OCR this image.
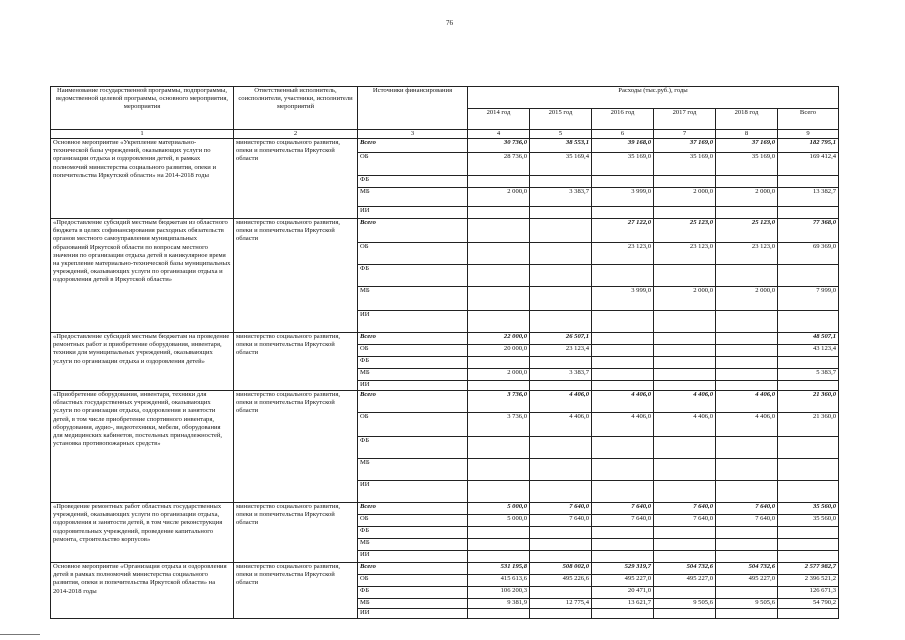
76
Наименование государственной программы, подпрограммы, ведомственной целевой программы, основного мероприятия, мероприятия	Ответственный исполнитель, соисполнители, участники, исполнители мероприятий	Источники финансирования	Расходы (тыс.руб.), годы					
			2014 год	2015 год	2016 год	2017 год	2018 год	Всего
1	2	3	4	5	6	7	8	9
Основное мероприятие «Укрепление материально-технической базы учреждений, оказывающих услуги по организации отдыха и оздоровления детей, в рамках полномочий министерства социального развития, опеки и попечительства Иркутской области» на 2014-2018 годы	министерство социального развития, опеки и попечительства Иркутской области	Всего	30 736,0	38 553,1	39 168,0	37 169,0	37 169,0	182 795,1
		ОБ	28 736,0	35 169,4	35 169,0	35 169,0	35 169,0	169 412,4
		ФБ						
		МБ	2 000,0	3 383,7	3 999,0	2 000,0	2 000,0	13 382,7
		ИИ						
«Предоставление субсидий местным бюджетам из областного бюджета в целях софинансирования расходных обязательств органов местного самоуправления муниципальных образований Иркутской области по вопросам местного значения по организации отдыха детей в каникулярное время на укрепление материально-технической базы муниципальных учреждений, оказывающих услуги по организации отдыха и оздоровления детей в Иркутской области»	министерство социального развития, опеки и попечительства Иркутской области	Всего			27 122,0	25 123,0	25 123,0	77 368,0
		ОБ			23 123,0	23 123,0	23 123,0	69 369,0
		ФБ						
		МБ			3 999,0	2 000,0	2 000,0	7 999,0
		ИИ						
«Предоставление субсидий местным бюджетам на проведение ремонтных работ и приобретение оборудования, инвентаря, техники для муниципальных учреждений, оказывающих услуги по организации отдыха и оздоровления детей»	министерство социального развития, опеки и попечительства Иркутской области	Всего	22 000,0	26 507,1				48 507,1
		ОБ	20 000,0	23 123,4				43 123,4
		ФБ						
		МБ	2 000,0	3 383,7				5 383,7
		ИИ						
«Приобретение оборудования, инвентаря, техники для областных государственных учреждений, оказывающих услуги по организации отдыха, оздоровления и занятости детей, в том числе приобретение спортивного инвентаря, оборудования, аудио-, видеотехники, мебели, оборудования для медицинских кабинетов, постельных принадлежностей, установка противопожарных средств»	министерство социального развития, опеки и попечительства Иркутской области	Всего	3 736,0	4 406,0	4 406,0	4 406,0	4 406,0	21 360,0
		ОБ	3 736,0	4 406,0	4 406,0	4 406,0	4 406,0	21 360,0
		ФБ						
		МБ						
		ИИ						
«Проведение ремонтных работ областных государственных учреждений, оказывающих услуги по организации отдыха, оздоровления и занятости детей, в том числе реконструкция оздоровительных учреждений, проведение капитального ремонта, строительство корпусов»	министерство социального развития, опеки и попечительства Иркутской области	Всего	5 000,0	7 640,0	7 640,0	7 640,0	7 640,0	35 560,0
		ОБ	5 000,0	7 640,0	7 640,0	7 640,0	7 640,0	35 560,0
		ФБ						
		МБ						
		ИИ						
Основное мероприятие «Организация отдыха и оздоровления детей в рамках полномочий министерства социального развития, опеки и попечительства Иркутской области» на 2014-2018 годы	министерство социального развития, опеки и попечительства Иркутской области	Всего	531 195,8	508 002,0	529 319,7	504 732,6	504 732,6	2 577 982,7
		ОБ	415 613,6	495 226,6	495 227,0	495 227,0	495 227,0	2 396 521,2
		ФБ	106 200,3		20 471,0			126 671,3
		МБ	9 381,9	12 775,4	13 621,7	9 505,6	9 505,6	54 790,2
		ИИ						
